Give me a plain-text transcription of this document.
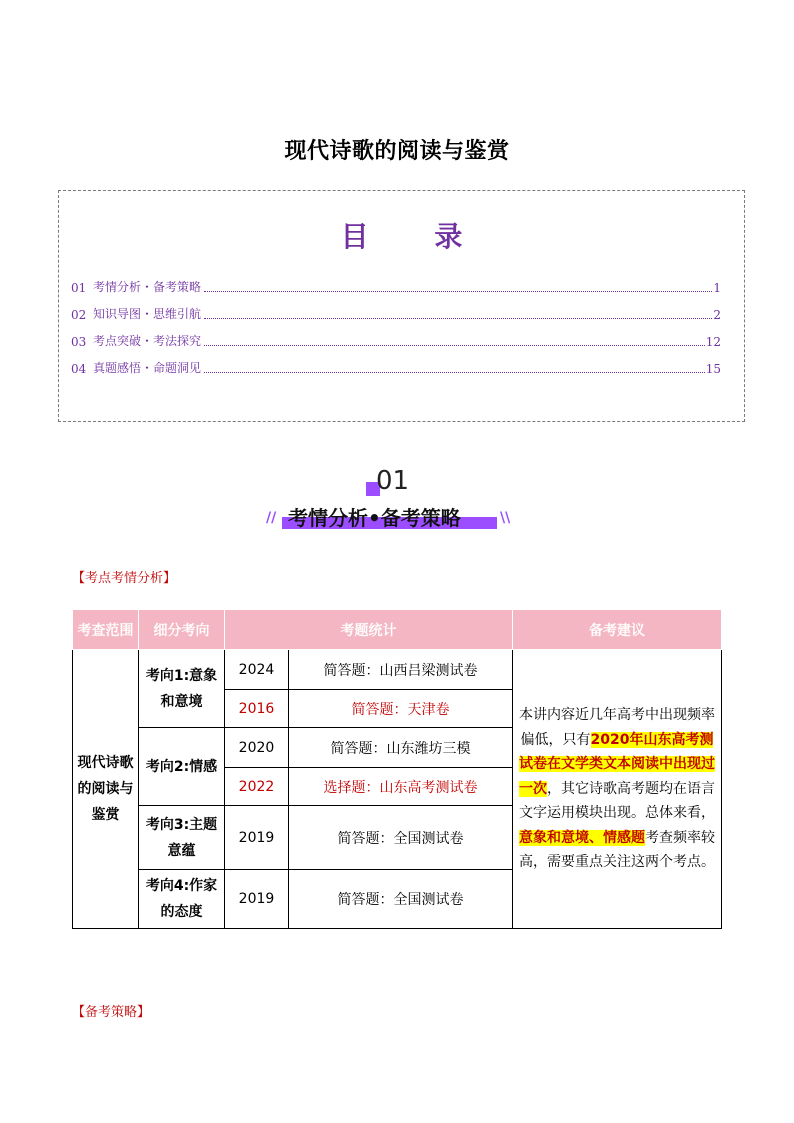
现代诗歌的阅读与鉴赏
目 录
01 考情分析・备考策略	1
02 知识导图・思维引航	2
03 考点突破・考法探究	12
04 真题感悟・命题洞见	15
01
//	\\
考情分析•备考策略
【考点考情分析】
考查范围	细分考向	考题统计		备考建议
现代诗歌的阅读与鉴赏	考向1:意象和意境	2024	简答题：山西吕梁测试卷	本讲内容近几年高考中出现频率偏低，只有2020年山东高考测试卷在文学类文本阅读中出现过一次，其它诗歌高考题均在语言文字运用模块出现。总体来看，意象和意境、情感题考查频率较高，需要重点关注这两个考点。
		2016	简答题：天津卷	
	考向2:情感	2020	简答题：山东潍坊三模	
		2022	选择题：山东高考测试卷	
	考向3:主题意蕴	2019	简答题：全国测试卷	
	考向4:作家的态度	2019	简答题：全国测试卷	
【备考策略】
